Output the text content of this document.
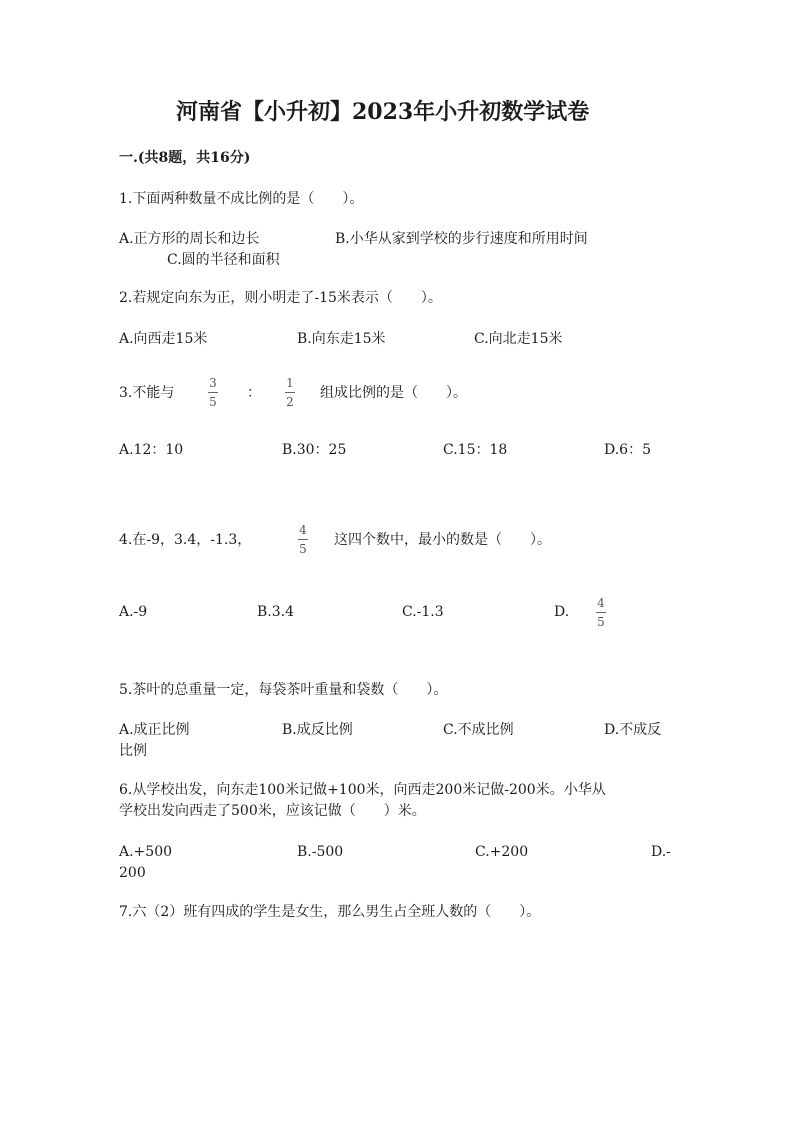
河南省【小升初】2023年小升初数学试卷
一.(共8题，共16分)
1.下面两种数量不成比例的是（　　）。
A.正方形的周长和边长	B.小华从家到学校的步行速度和所用时间
C.圆的半径和面积
2.若规定向东为正，则小明走了-15米表示（　　）。
A.向西走15米	B.向东走15米	C.向北走15米
3.不能与
3
5
：
1
2
组成比例的是（　　）。
A.12：10	B.30：25	C.15：18	D.6：5
4.在-9，3.4，-1.3，
4
5
这四个数中，最小的数是（　　）。
A.-9	B.3.4	C.-1.3	D.
4
5
5.茶叶的总重量一定，每袋茶叶重量和袋数（　　）。
A.成正比例	B.成反比例	C.不成比例	D.不成反
比例
6.从学校出发，向东走100米记做+100米，向西走200米记做-200米。小华从
学校出发向西走了500米，应该记做（　　）米。
A.+500	B.-500	C.+200	D.-
200
7.六（2）班有四成的学生是女生，那么男生占全班人数的（　　）。
